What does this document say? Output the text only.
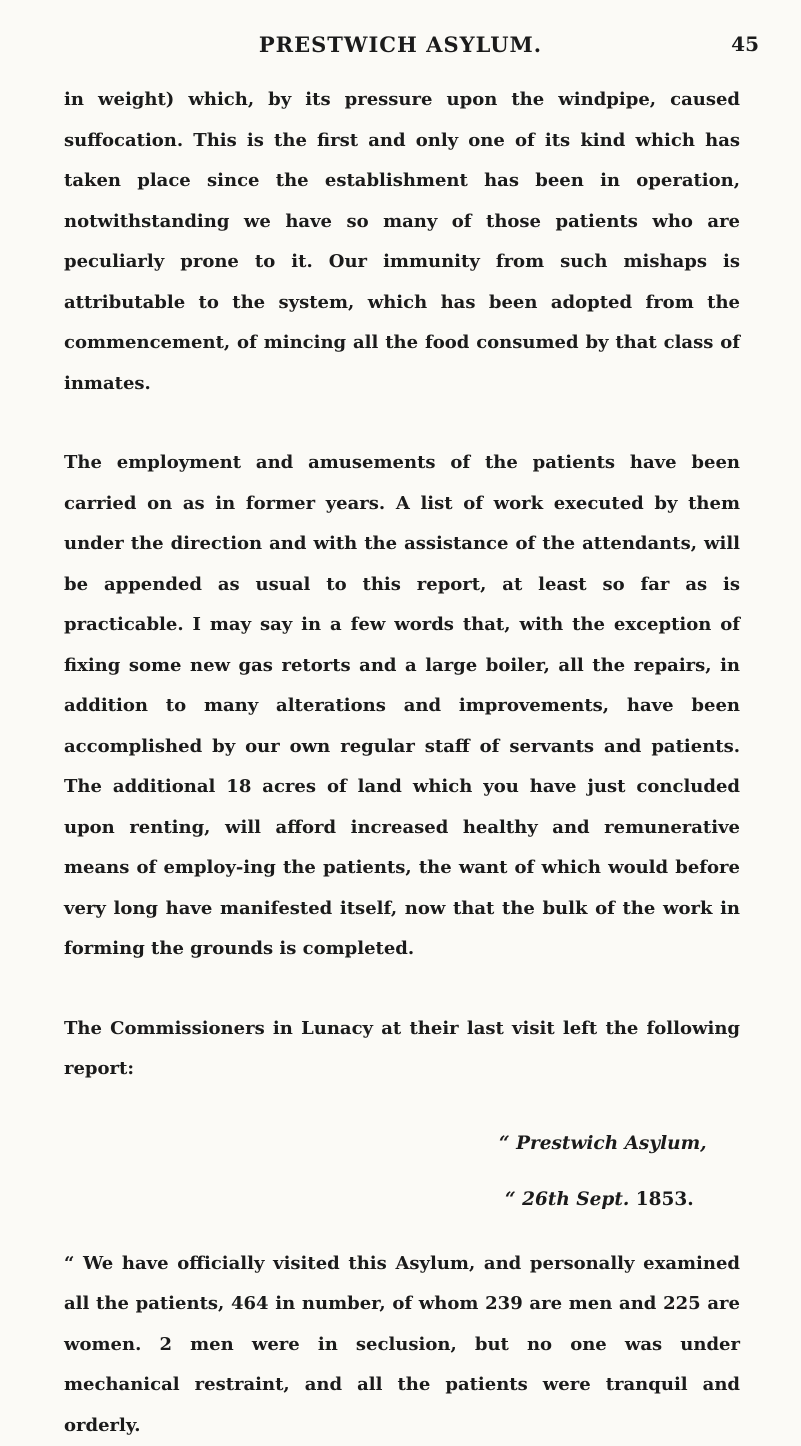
PRESTWICH ASYLUM.	45

in weight) which, by its pressure upon the windpipe, caused suffocation. This is the first and only one of its kind which has taken place since the establishment has been in operation, notwithstanding we have so many of those patients who are peculiarly prone to it. Our immunity from such mishaps is attributable to the system, which has been adopted from the commencement, of mincing all the food consumed by that class of inmates.

The employment and amusements of the patients have been carried on as in former years. A list of work executed by them under the direction and with the assistance of the attendants, will be appended as usual to this report, at least so far as is practicable. I may say in a few words that, with the exception of fixing some new gas retorts and a large boiler, all the repairs, in addition to many alterations and improvements, have been accomplished by our own regular staff of servants and patients. The additional 18 acres of land which you have just concluded upon renting, will afford increased healthy and remunerative means of employ-ing the patients, the want of which would before very long have manifested itself, now that the bulk of the work in forming the grounds is completed.

The Commissioners in Lunacy at their last visit left the following report:

“ Prestwich Asylum,
“ 26th Sept. 1853.

“ We have officially visited this Asylum, and personally examined all the patients, 464 in number, of whom 239 are men and 225 are women. 2 men were in seclusion, but no one was under mechanical restraint, and all the patients were tranquil and orderly.
